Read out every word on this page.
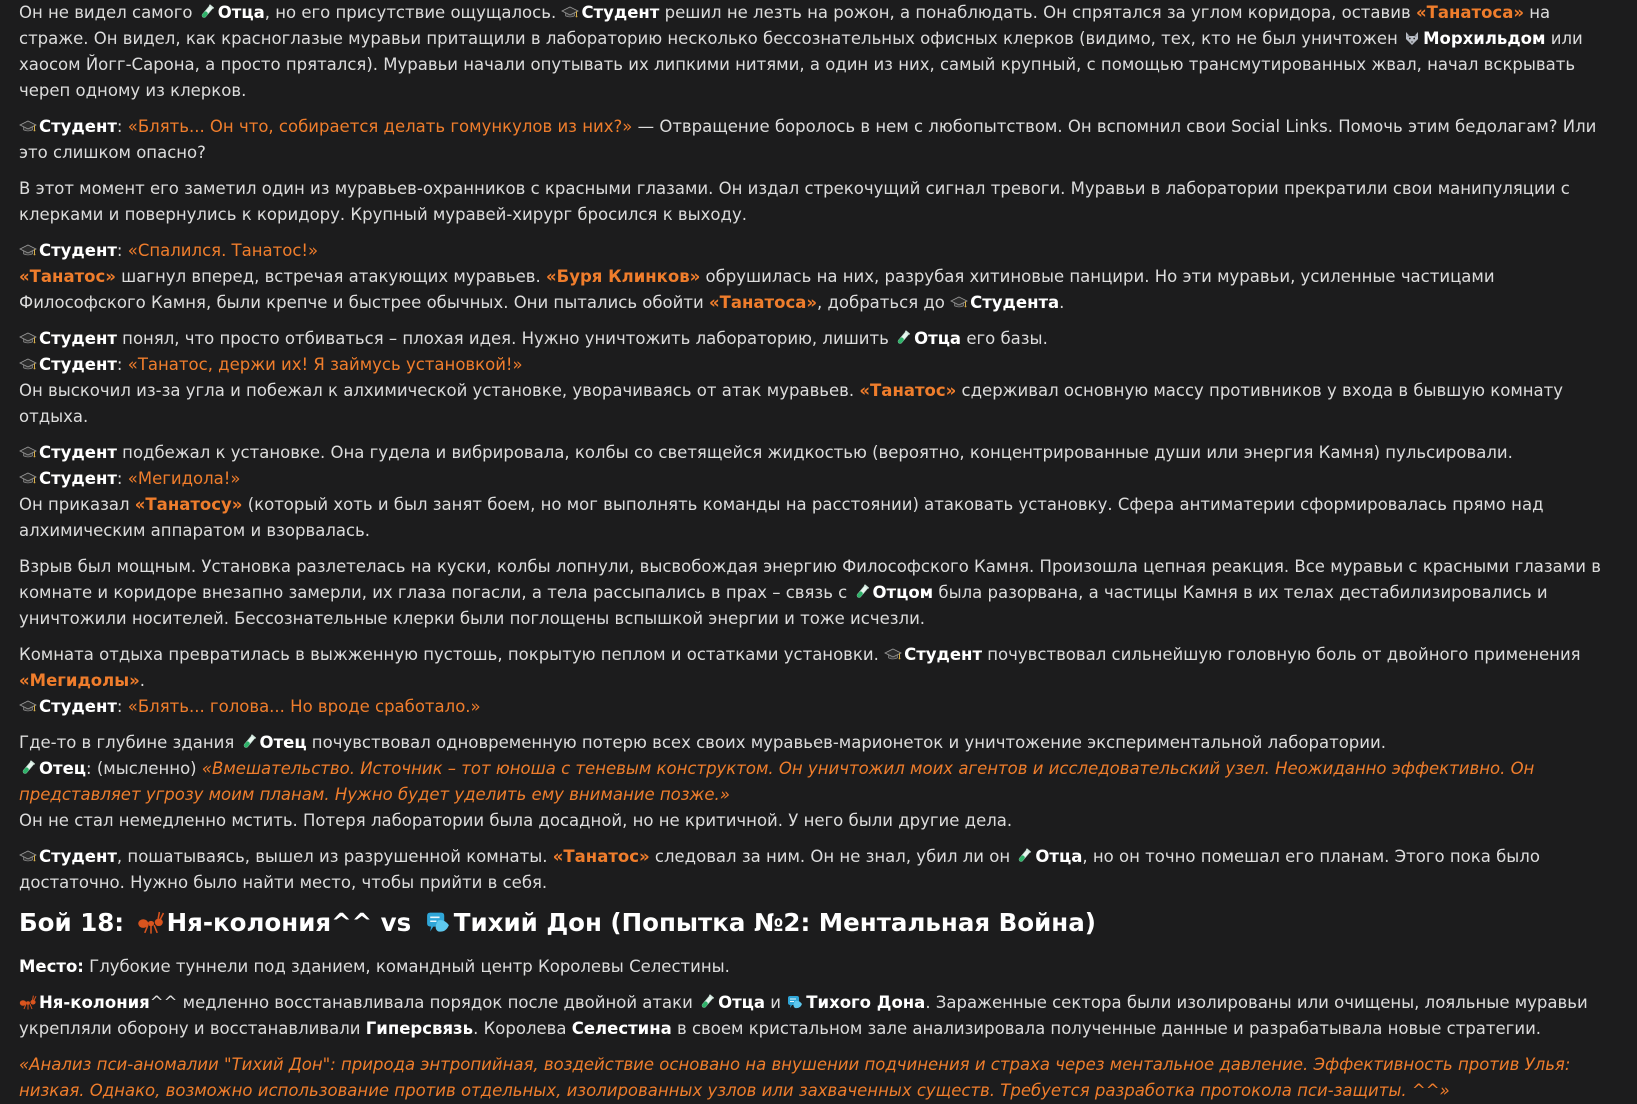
Он не видел самого Отца, но его присутствие ощущалось. Студент решил не лезть на рожон, а понаблюдать. Он спрятался за углом коридора, оставив «Танатоса» на страже. Он видел, как красноглазые муравьи притащили в лабораторию несколько бессознательных офисных клерков (видимо, тех, кто не был уничтожен Морхильдом или хаосом Йогг-Сарона, а просто прятался). Муравьи начали опутывать их липкими нитями, а один из них, самый крупный, с помощью трансмутированных жвал, начал вскрывать череп одному из клерков.

Студент: «Блять... Он что, собирается делать гомункулов из них?» — Отвращение боролось в нем с любопытством. Он вспомнил свои Social Links. Помочь этим бедолагам? Или это слишком опасно?

В этот момент его заметил один из муравьев-охранников с красными глазами. Он издал стрекочущий сигнал тревоги. Муравьи в лаборатории прекратили свои манипуляции с клерками и повернулись к коридору. Крупный муравей-хирург бросился к выходу.

Студент: «Спалился. Танатос!»

«Танатос» шагнул вперед, встречая атакующих муравьев. «Буря Клинков» обрушилась на них, разрубая хитиновые панцири. Но эти муравьи, усиленные частицами Философского Камня, были крепче и быстрее обычных. Они пытались обойти «Танатоса», добраться до Студента.

Студент понял, что просто отбиваться – плохая идея. Нужно уничтожить лабораторию, лишить Отца его базы.

Студент: «Танатос, держи их! Я займусь установкой!»

Он выскочил из-за угла и побежал к алхимической установке, уворачиваясь от атак муравьев. «Танатос» сдерживал основную массу противников у входа в бывшую комнату отдыха.

Студент подбежал к установке. Она гудела и вибрировала, колбы со светящейся жидкостью (вероятно, концентрированные души или энергия Камня) пульсировали.

Студент: «Мегидола!»

Он приказал «Танатосу» (который хоть и был занят боем, но мог выполнять команды на расстоянии) атаковать установку. Сфера антиматерии сформировалась прямо над алхимическим аппаратом и взорвалась.

Взрыв был мощным. Установка разлетелась на куски, колбы лопнули, высвобождая энергию Философского Камня. Произошла цепная реакция. Все муравьи с красными глазами в комнате и коридоре внезапно замерли, их глаза погасли, а тела рассыпались в прах – связь с Отцом была разорвана, а частицы Камня в их телах дестабилизировались и уничтожили носителей. Бессознательные клерки были поглощены вспышкой энергии и тоже исчезли.

Комната отдыха превратилась в выжженную пустошь, покрытую пеплом и остатками установки. Студент почувствовал сильнейшую головную боль от двойного применения «Мегидолы».

Студент: «Блять... голова... Но вроде сработало.»

Где-то в глубине здания Отец почувствовал одновременную потерю всех своих муравьев-марионеток и уничтожение экспериментальной лаборатории.

Отец: (мысленно) «Вмешательство. Источник – тот юноша с теневым конструктом. Он уничтожил моих агентов и исследовательский узел. Неожиданно эффективно. Он представляет угрозу моим планам. Нужно будет уделить ему внимание позже.»

Он не стал немедленно мстить. Потеря лаборатории была досадной, но не критичной. У него были другие дела.

Студент, пошатываясь, вышел из разрушенной комнаты. «Танатос» следовал за ним. Он не знал, убил ли он Отца, но он точно помешал его планам. Этого пока было достаточно. Нужно было найти место, чтобы прийти в себя.

Бой 18: Ня-колония^^ vs Тихий Дон (Попытка №2: Ментальная Война)

Место: Глубокие туннели под зданием, командный центр Королевы Селестины.

Ня-колония^^ медленно восстанавливала порядок после двойной атаки Отца и Тихого Дона. Зараженные сектора были изолированы или очищены, лояльные муравьи укрепляли оборону и восстанавливали Гиперсвязь. Королева Селестина в своем кристальном зале анализировала полученные данные и разрабатывала новые стратегии.

«Анализ пси-аномалии "Тихий Дон": природа энтропийная, воздействие основано на внушении подчинения и страха через ментальное давление. Эффективность против Улья: низкая. Однако, возможно использование против отдельных, изолированных узлов или захваченных существ. Требуется разработка протокола пси-защиты. ^^»
